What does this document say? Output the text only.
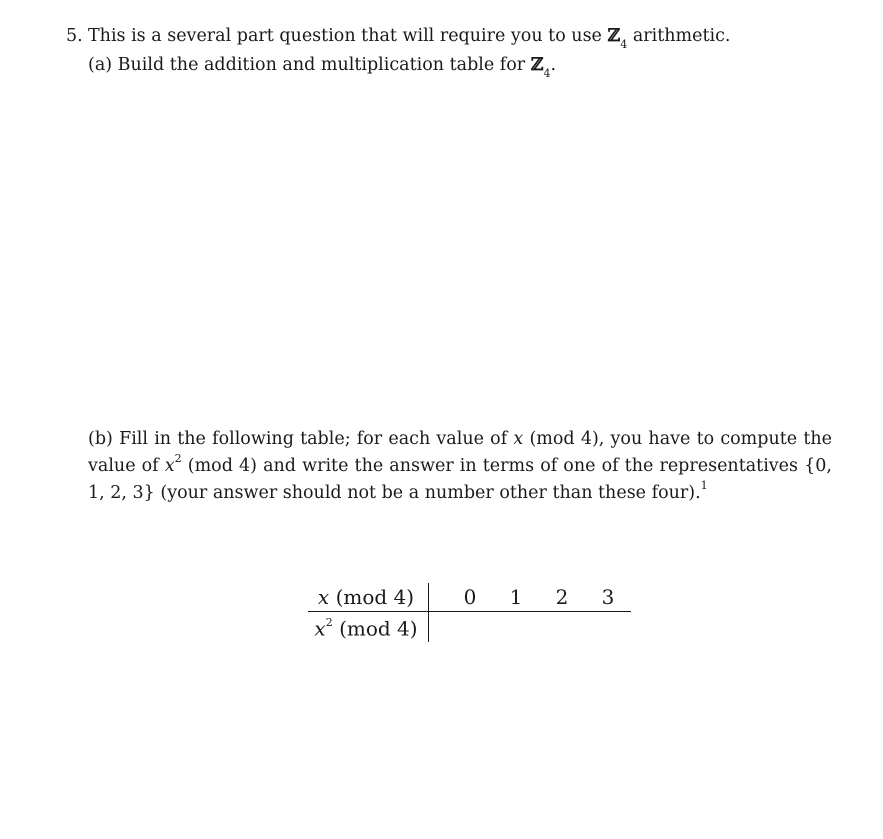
5. This is a several part question that will require you to use ℤ$_4$ arithmetic.
(a) Build the addition and multiplication table for ℤ$_4$.
(b) Fill in the following table; for each value of x (mod 4), you have to compute the value of $x^2$ (mod 4) and write the answer in terms of one of the representatives {0, 1, 2, 3} (your answer should not be a number other than these four).$^1$
x (mod 4)		0	1	2	3
$x^2$ (mod 4)					
